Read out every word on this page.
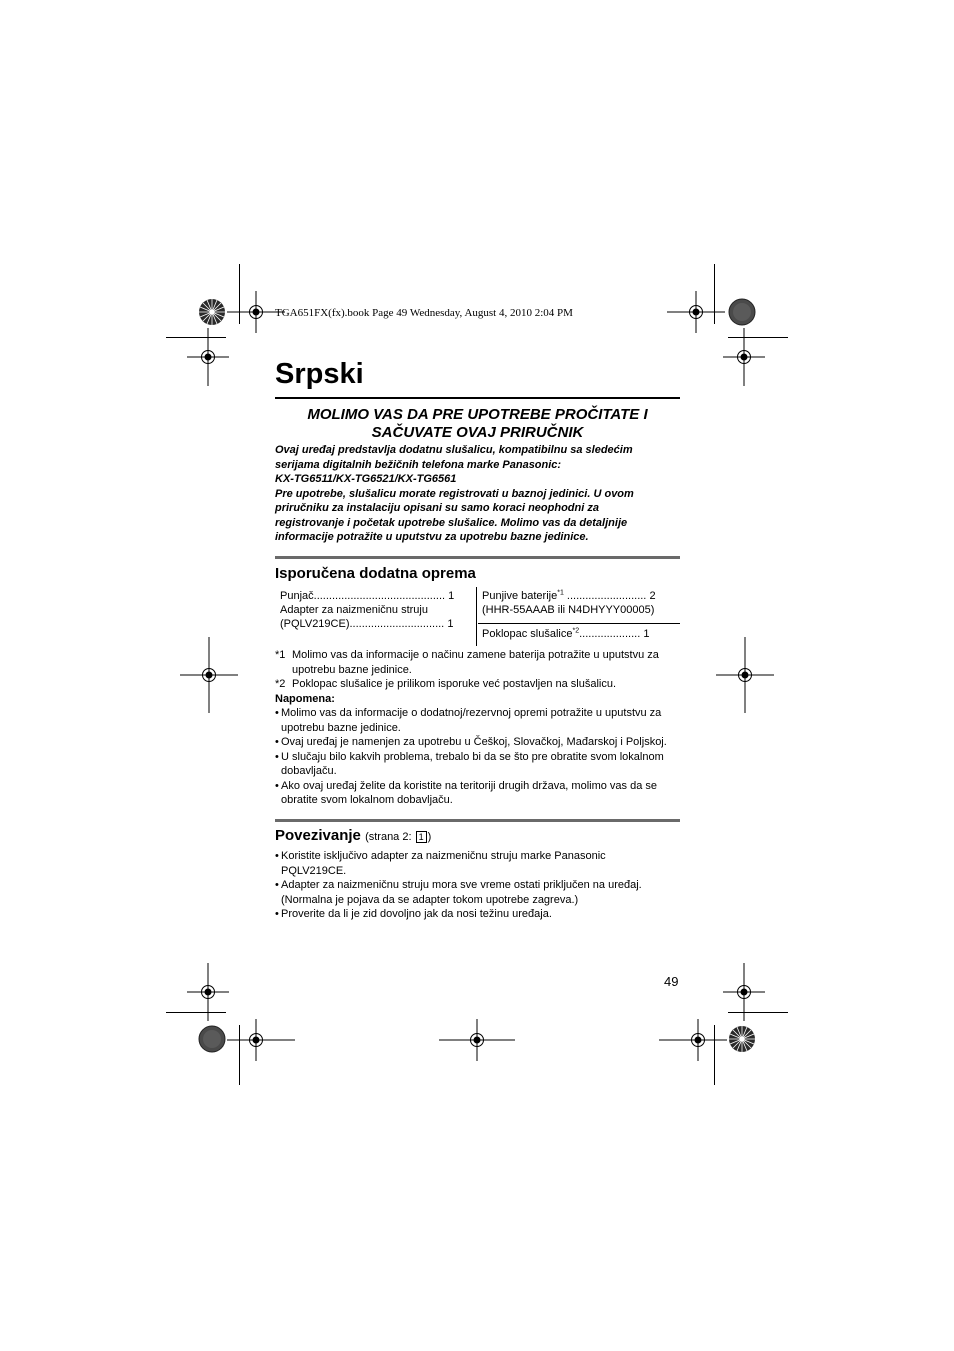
TGA651FX(fx).book Page 49 Wednesday, August 4, 2010 2:04 PM
Srpski
MOLIMO VAS DA PRE UPOTREBE PROČITATE I
SAČUVATE OVAJ PRIRUČNIK
Ovaj uređaj predstavlja dodatnu slušalicu, kompatibilnu sa sledećim
serijama digitalnih bežičnih telefona marke Panasonic:
KX-TG6511/KX-TG6521/KX-TG6561
Pre upotrebe, slušalicu morate registrovati u baznoj jedinici. U ovom
priručniku za instalaciju opisani su samo koraci neophodni za
registrovanje i početak upotrebe slušalice. Molimo vas da detaljnije
informacije potražite u uputstvu za upotrebu bazne jedinice.
Isporučena dodatna oprema
Punjač........................................... 1
Adapter za naizmeničnu struju
(PQLV219CE)............................... 1
Punjive baterije$^{*1}$ .......................... 2
(HHR-55AAAB ili N4DHYYY00005)
Poklopac slušalice$^{*2}$.................... 1
*1 Molimo vas da informacije o načinu zamene baterija potražite u uputstvu za
upotrebu bazne jedinice.
*2 Poklopac slušalice je prilikom isporuke već postavljen na slušalicu.
Napomena:
• Molimo vas da informacije o dodatnoj/rezervnoj opremi potražite u uputstvu za
upotrebu bazne jedinice.
• Ovaj uređaj je namenjen za upotrebu u Češkoj, Slovačkoj, Mađarskoj i Poljskoj.
• U slučaju bilo kakvih problema, trebalo bi da se što pre obratite svom lokalnom
dobavljaču.
• Ako ovaj uređaj želite da koristite na teritoriji drugih država, molimo vas da se
obratite svom lokalnom dobavljaču.
Povezivanje (strana 2: 1 )
• Koristite isključivo adapter za naizmeničnu struju marke Panasonic
PQLV219CE.
• Adapter za naizmeničnu struju mora sve vreme ostati priključen na uređaj.
(Normalna je pojava da se adapter tokom upotrebe zagreva.)
• Proverite da li je zid dovoljno jak da nosi težinu uređaja.
49
